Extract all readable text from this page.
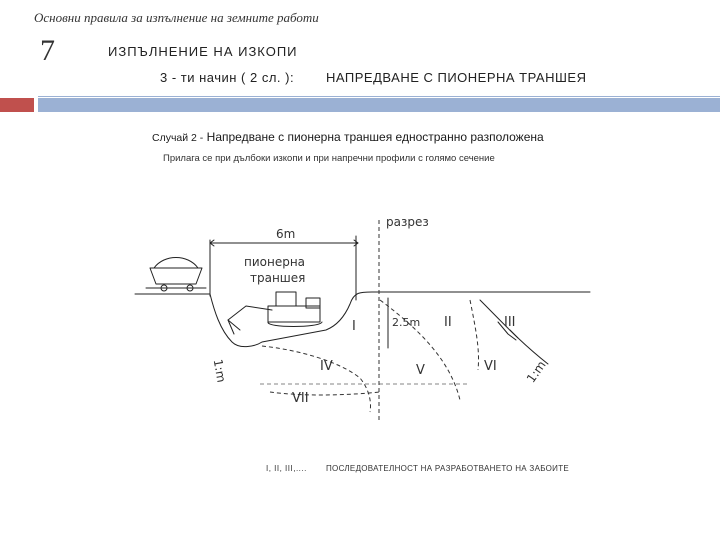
Основни правила за изпълнение на земните работи
7	ИЗПЪЛНЕНИЕ НА ИЗКОПИ
3 - ти начин ( 2 сл. ): НАПРЕДВАНЕ С ПИОНЕРНА ТРАНШЕЯ
Случай 2 - Напредване с пионерна траншея едностранно разположена
Прилага се при дълбоки изкопи и при напречни профили с голямо сечение
6m
пионерна
траншея
разрез
2.5m
I	II	III
IV	V	VI
VII
1:m	1:m
I, II, III,.... ПОСЛЕДОВАТЕЛНОСТ НА РАЗРАБОТВАНЕТО НА ЗАБОИТЕ
